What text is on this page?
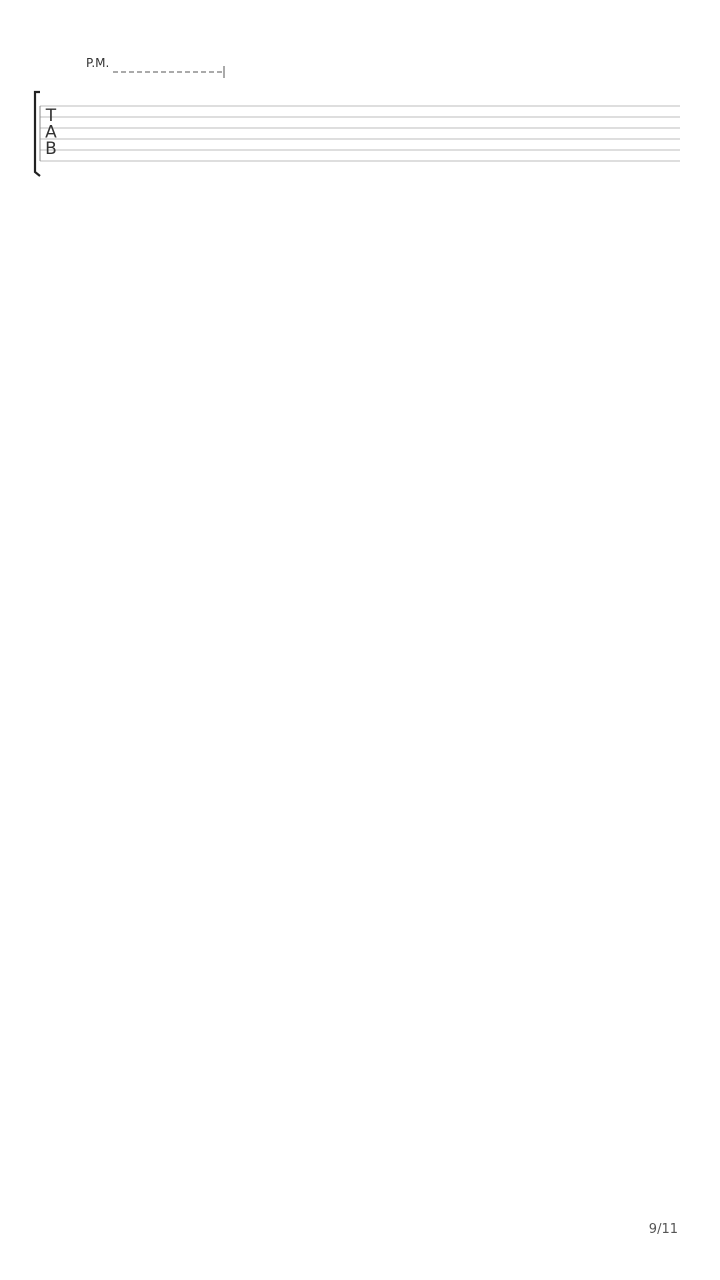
T
A
B
P.M.
9/11
